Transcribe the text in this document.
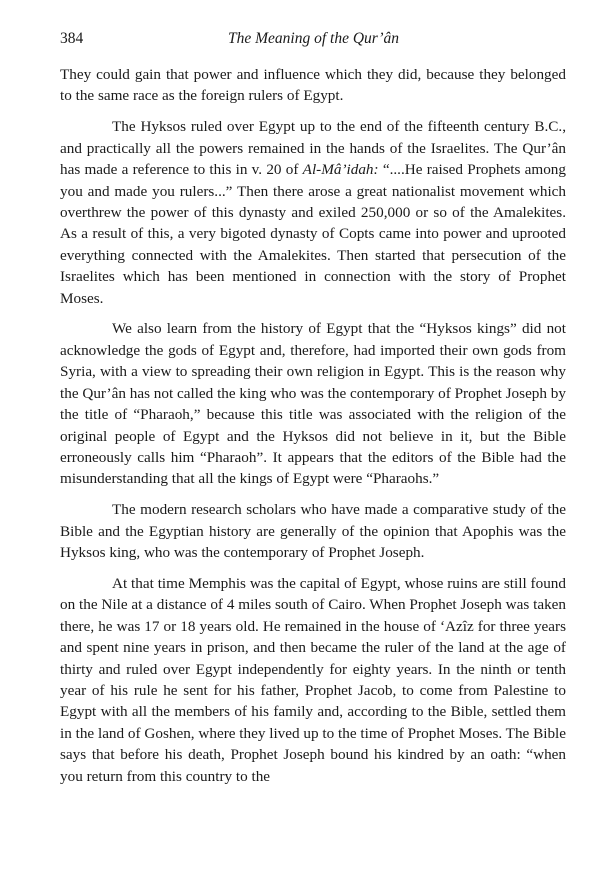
384	The Meaning of the Qur’ân

They could gain that power and influence which they did, because they belonged to the same race as the foreign rulers of Egypt.

The Hyksos ruled over Egypt up to the end of the fifteenth century B.C., and practically all the powers remained in the hands of the Israelites. The Qur’ân has made a reference to this in v. 20 of Al-Mâ’idah: “....He raised Prophets among you and made you rulers...” Then there arose a great nationalist movement which overthrew the power of this dynasty and exiled 250,000 or so of the Amalekites. As a result of this, a very bigoted dynasty of Copts came into power and uprooted everything connected with the Amalekites. Then started that persecution of the Israelites which has been mentioned in connection with the story of Prophet Moses.

We also learn from the history of Egypt that the “Hyksos kings” did not acknowledge the gods of Egypt and, therefore, had imported their own gods from Syria, with a view to spreading their own religion in Egypt. This is the reason why the Qur’ân has not called the king who was the contemporary of Prophet Joseph by the title of “Pharaoh,” because this title was associated with the religion of the original people of Egypt and the Hyksos did not believe in it, but the Bible erroneously calls him “Pharaoh”. It appears that the editors of the Bible had the misunderstanding that all the kings of Egypt were “Pharaohs.”

The modern research scholars who have made a comparative study of the Bible and the Egyptian history are generally of the opinion that Apophis was the Hyksos king, who was the contemporary of Prophet Joseph.

At that time Memphis was the capital of Egypt, whose ruins are still found on the Nile at a distance of 4 miles south of Cairo. When Prophet Joseph was taken there, he was 17 or 18 years old. He remained in the house of ‘Azîz for three years and spent nine years in prison, and then became the ruler of the land at the age of thirty and ruled over Egypt independently for eighty years. In the ninth or tenth year of his rule he sent for his father, Prophet Jacob, to come from Palestine to Egypt with all the members of his family and, according to the Bible, settled them in the land of Goshen, where they lived up to the time of Prophet Moses. The Bible says that before his death, Prophet Joseph bound his kindred by an oath: “when you return from this country to the
